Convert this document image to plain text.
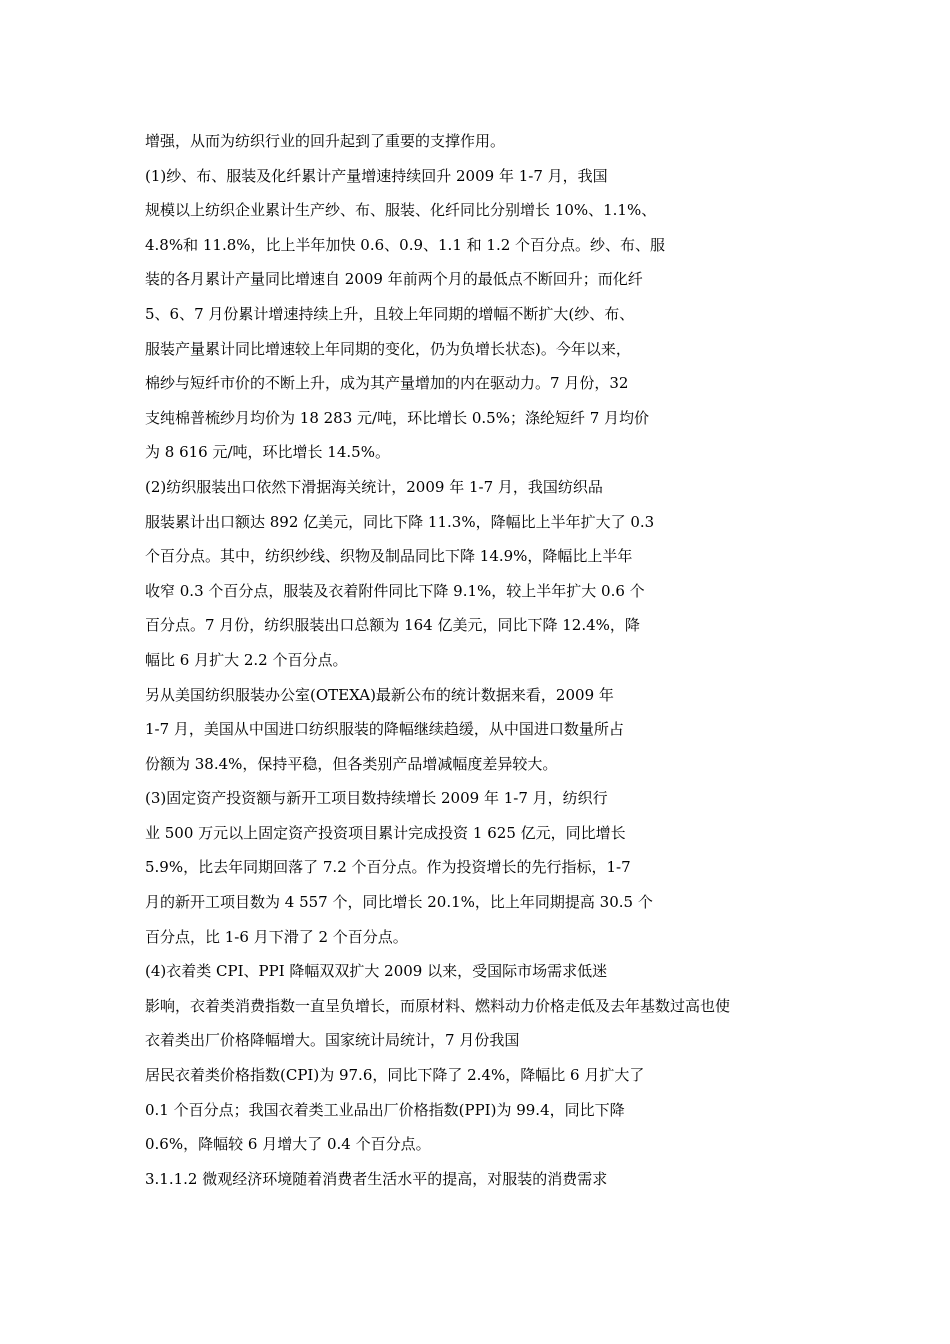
增强，从而为纺织行业的回升起到了重要的支撑作用。

(1)纱、布、服装及化纤累计产量增速持续回升 2009 年 1-7 月，我国

规模以上纺织企业累计生产纱、布、服装、化纤同比分别增长 10%、1.1%、

4.8%和 11.8%，比上半年加快 0.6、0.9、1.1 和 1.2 个百分点。纱、布、服

装的各月累计产量同比增速自 2009 年前两个月的最低点不断回升；而化纤

5、6、7 月份累计增速持续上升，且较上年同期的增幅不断扩大(纱、布、

服装产量累计同比增速较上年同期的变化，仍为负增长状态)。今年以来，

棉纱与短纤市价的不断上升，成为其产量增加的内在驱动力。7 月份，32

支纯棉普梳纱月均价为 18 283 元/吨，环比增长 0.5%；涤纶短纤 7 月均价

为 8 616 元/吨，环比增长 14.5%。

(2)纺织服装出口依然下滑据海关统计，2009 年 1-7 月，我国纺织品

服装累计出口额达 892 亿美元，同比下降 11.3%，降幅比上半年扩大了 0.3

个百分点。其中，纺织纱线、织物及制品同比下降 14.9%，降幅比上半年

收窄 0.3 个百分点，服装及衣着附件同比下降 9.1%，较上半年扩大 0.6 个

百分点。7 月份，纺织服装出口总额为 164 亿美元，同比下降 12.4%，降

幅比 6 月扩大 2.2 个百分点。

另从美国纺织服装办公室(OTEXA)最新公布的统计数据来看，2009 年

1-7 月，美国从中国进口纺织服装的降幅继续趋缓，从中国进口数量所占

份额为 38.4%，保持平稳，但各类别产品增减幅度差异较大。

(3)固定资产投资额与新开工项目数持续增长 2009 年 1-7 月，纺织行

业 500 万元以上固定资产投资项目累计完成投资 1 625 亿元，同比增长

5.9%，比去年同期回落了 7.2 个百分点。作为投资增长的先行指标，1-7

月的新开工项目数为 4 557 个，同比增长 20.1%，比上年同期提高 30.5 个

百分点，比 1-6 月下滑了 2 个百分点。

(4)衣着类 CPI、PPI 降幅双双扩大 2009 以来，受国际市场需求低迷

影响，衣着类消费指数一直呈负增长，而原材料、燃料动力价格走低及去年基数过高也使

衣着类出厂价格降幅增大。国家统计局统计，7 月份我国

居民衣着类价格指数(CPI)为 97.6，同比下降了 2.4%，降幅比 6 月扩大了

0.1 个百分点；我国衣着类工业品出厂价格指数(PPI)为 99.4，同比下降

0.6%，降幅较 6 月增大了 0.4 个百分点。

3.1.1.2 微观经济环境随着消费者生活水平的提高，对服装的消费需求
